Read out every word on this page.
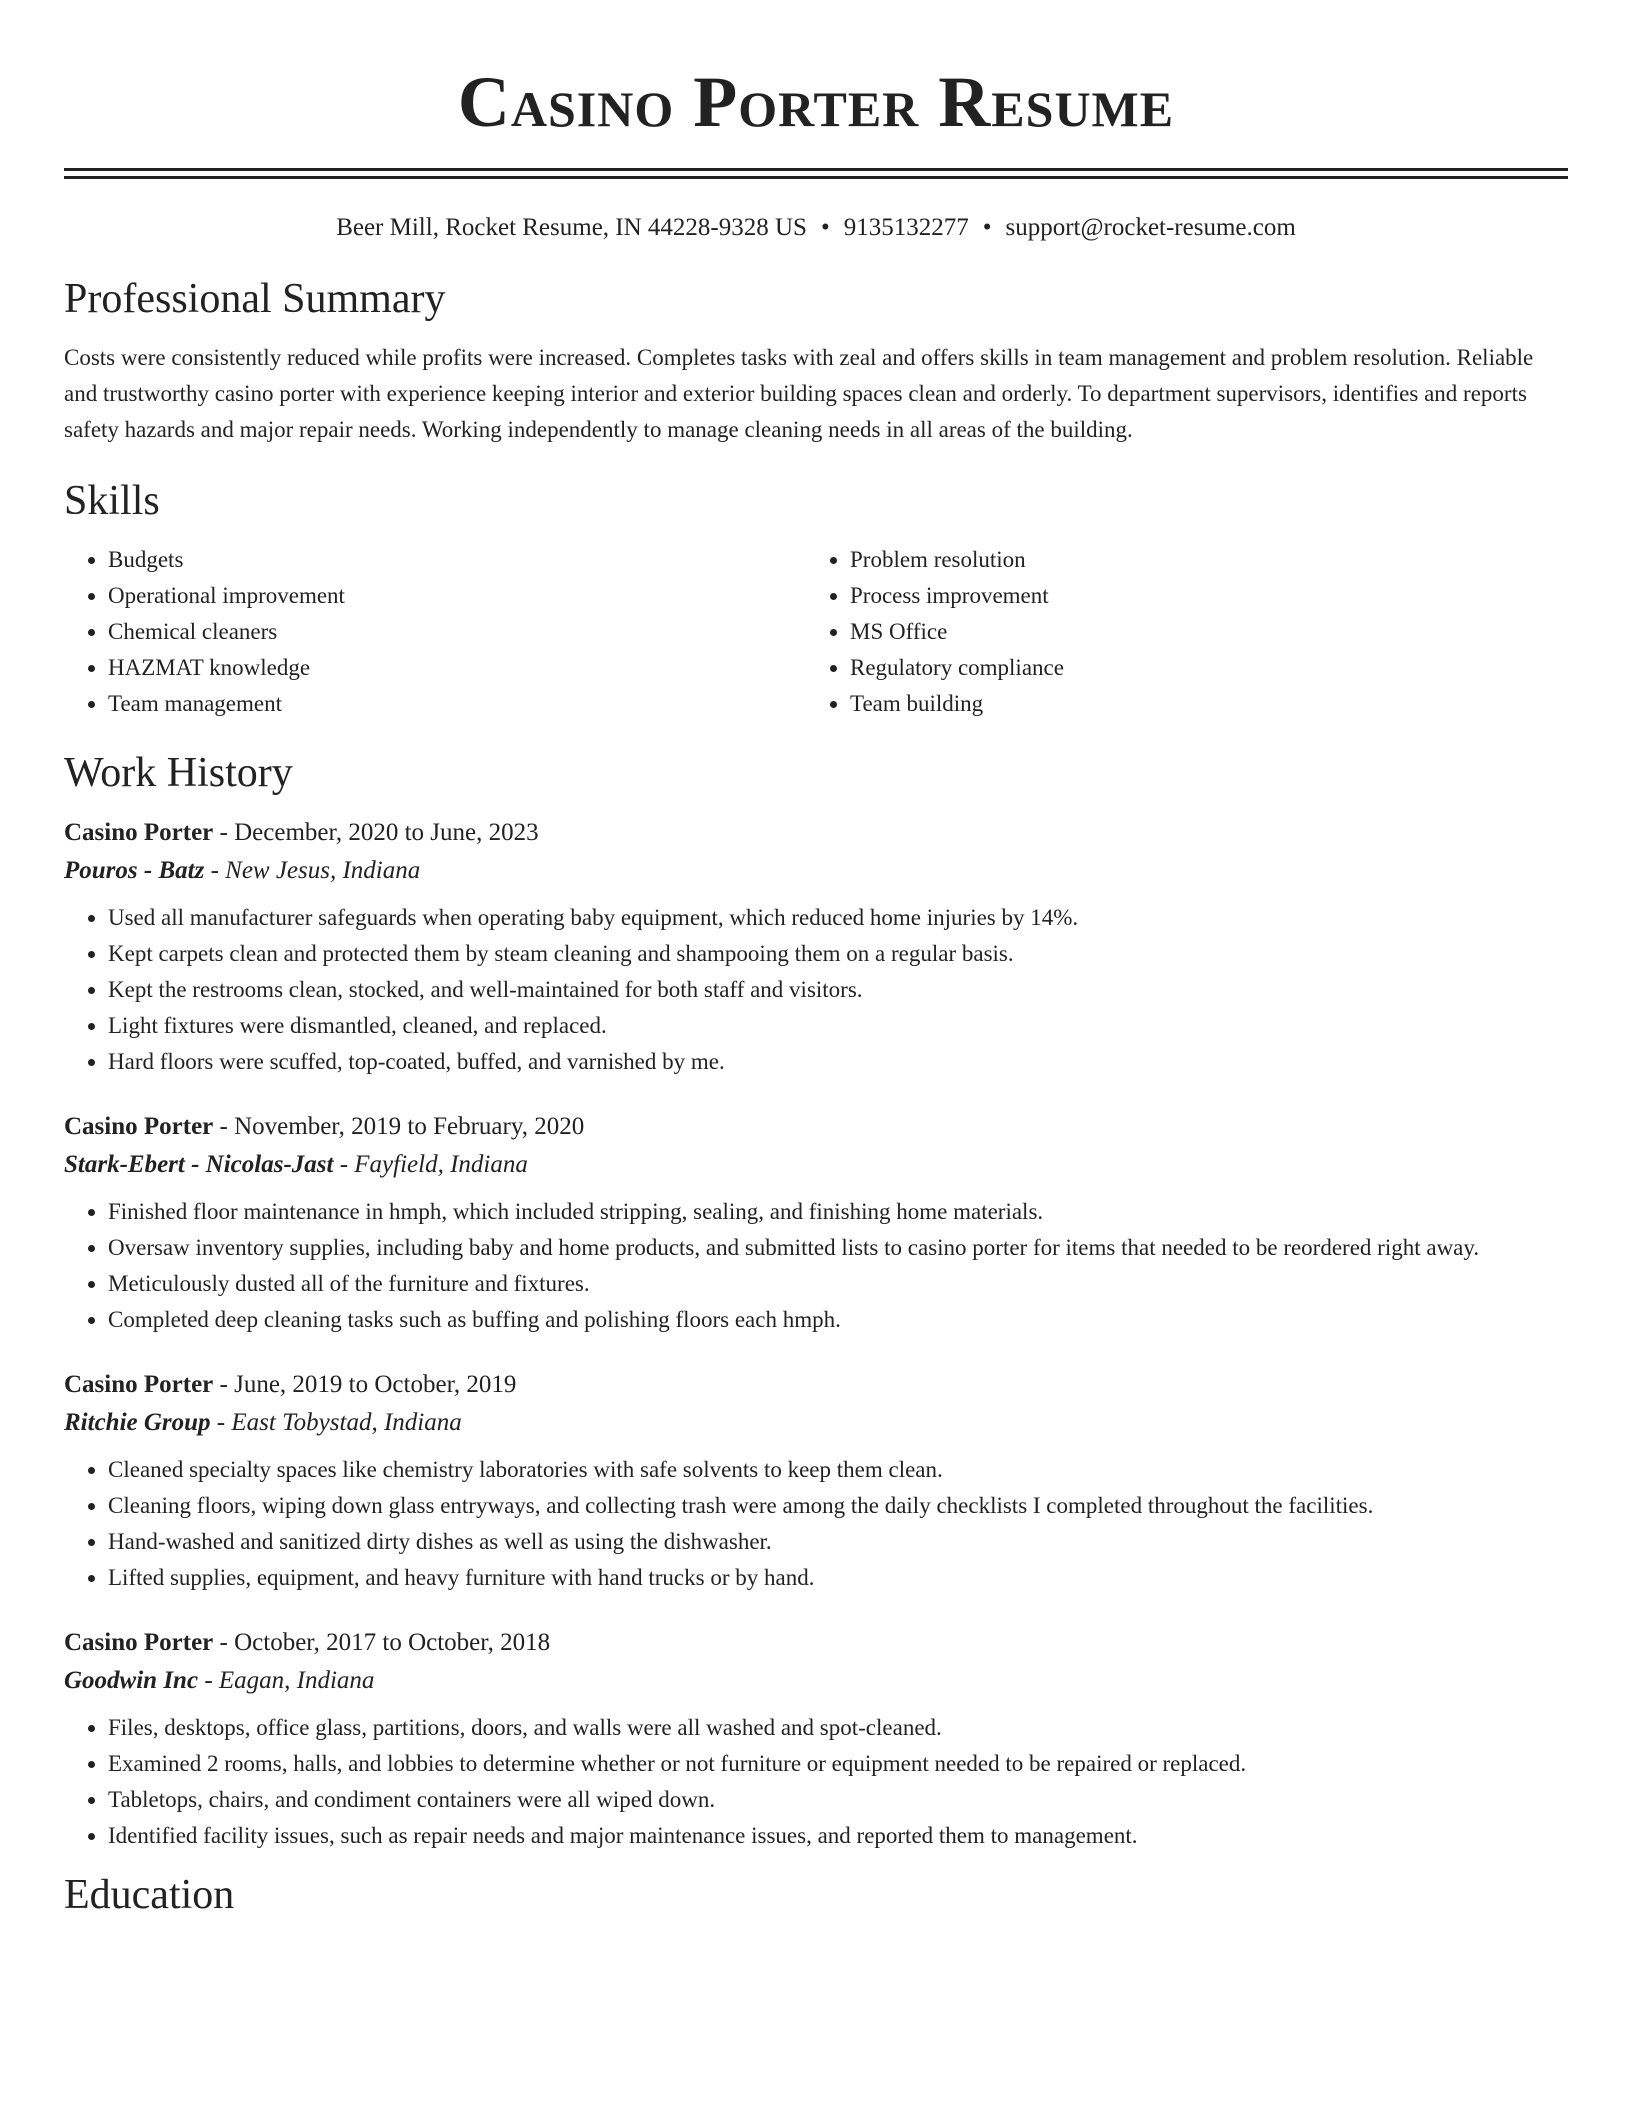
Casino Porter Resume
Beer Mill, Rocket Resume, IN 44228-9328 US • 9135132277 • support@rocket-resume.com
Professional Summary
Costs were consistently reduced while profits were increased. Completes tasks with zeal and offers skills in team management and problem resolution. Reliable and trustworthy casino porter with experience keeping interior and exterior building spaces clean and orderly. To department supervisors, identifies and reports safety hazards and major repair needs. Working independently to manage cleaning needs in all areas of the building.
Skills
• Budgets
• Operational improvement
• Chemical cleaners
• HAZMAT knowledge
• Team management
• Problem resolution
• Process improvement
• MS Office
• Regulatory compliance
• Team building
Work History
Casino Porter - December, 2020 to June, 2023
Pouros - Batz - New Jesus, Indiana
• Used all manufacturer safeguards when operating baby equipment, which reduced home injuries by 14%.
• Kept carpets clean and protected them by steam cleaning and shampooing them on a regular basis.
• Kept the restrooms clean, stocked, and well-maintained for both staff and visitors.
• Light fixtures were dismantled, cleaned, and replaced.
• Hard floors were scuffed, top-coated, buffed, and varnished by me.
Casino Porter - November, 2019 to February, 2020
Stark-Ebert - Nicolas-Jast - Fayfield, Indiana
• Finished floor maintenance in hmph, which included stripping, sealing, and finishing home materials.
• Oversaw inventory supplies, including baby and home products, and submitted lists to casino porter for items that needed to be reordered right away.
• Meticulously dusted all of the furniture and fixtures.
• Completed deep cleaning tasks such as buffing and polishing floors each hmph.
Casino Porter - June, 2019 to October, 2019
Ritchie Group - East Tobystad, Indiana
• Cleaned specialty spaces like chemistry laboratories with safe solvents to keep them clean.
• Cleaning floors, wiping down glass entryways, and collecting trash were among the daily checklists I completed throughout the facilities.
• Hand-washed and sanitized dirty dishes as well as using the dishwasher.
• Lifted supplies, equipment, and heavy furniture with hand trucks or by hand.
Casino Porter - October, 2017 to October, 2018
Goodwin Inc - Eagan, Indiana
• Files, desktops, office glass, partitions, doors, and walls were all washed and spot-cleaned.
• Examined 2 rooms, halls, and lobbies to determine whether or not furniture or equipment needed to be repaired or replaced.
• Tabletops, chairs, and condiment containers were all wiped down.
• Identified facility issues, such as repair needs and major maintenance issues, and reported them to management.
Education
